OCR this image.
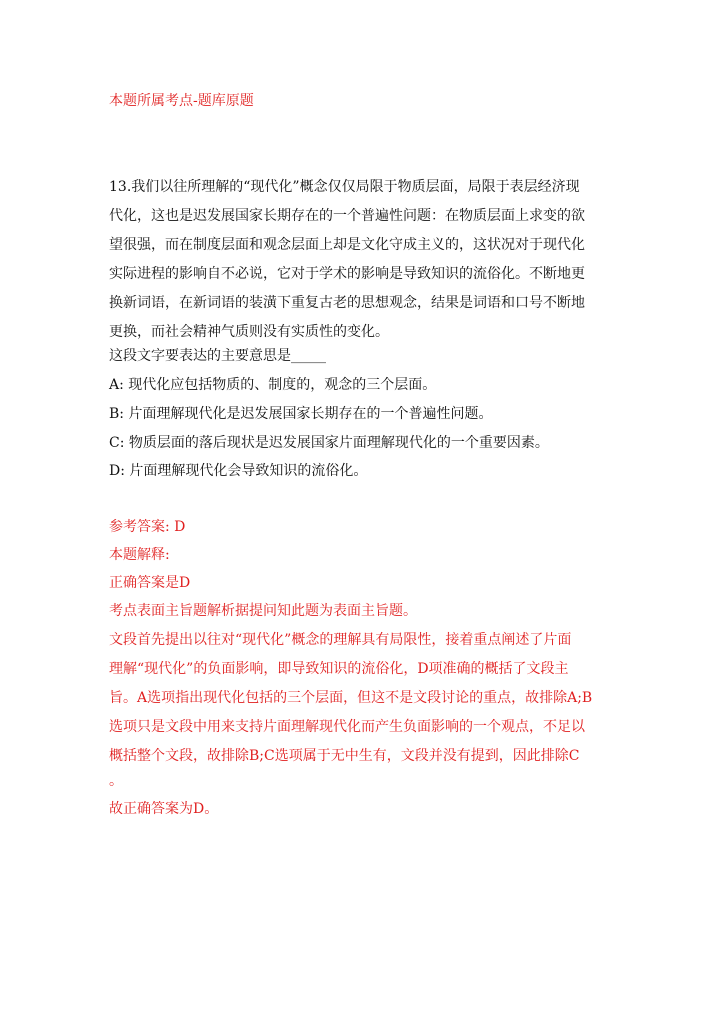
本题所属考点-题库原题
13.我们以往所理解的“现代化”概念仅仅局限于物质层面，局限于表层经济现
代化，这也是迟发展国家长期存在的一个普遍性问题：在物质层面上求变的欲
望很强，而在制度层面和观念层面上却是文化守成主义的，这状况对于现代化
实际进程的影响自不必说，它对于学术的影响是导致知识的流俗化。不断地更
换新词语，在新词语的装潢下重复古老的思想观念，结果是词语和口号不断地
更换，而社会精神气质则没有实质性的变化。
这段文字要表达的主要意思是_____
A: 现代化应包括物质的、制度的，观念的三个层面。
B: 片面理解现代化是迟发展国家长期存在的一个普遍性问题。
C: 物质层面的落后现状是迟发展国家片面理解现代化的一个重要因素。
D: 片面理解现代化会导致知识的流俗化。
参考答案: D
本题解释:
正确答案是D
考点表面主旨题解析据提问知此题为表面主旨题。
文段首先提出以往对“现代化”概念的理解具有局限性，接着重点阐述了片面
理解“现代化”的负面影响，即导致知识的流俗化，D项准确的概括了文段主
旨。A选项指出现代化包括的三个层面，但这不是文段讨论的重点，故排除A;B
选项只是文段中用来支持片面理解现代化而产生负面影响的一个观点，不足以
概括整个文段，故排除B;C选项属于无中生有，文段并没有提到，因此排除C
。
故正确答案为D。
